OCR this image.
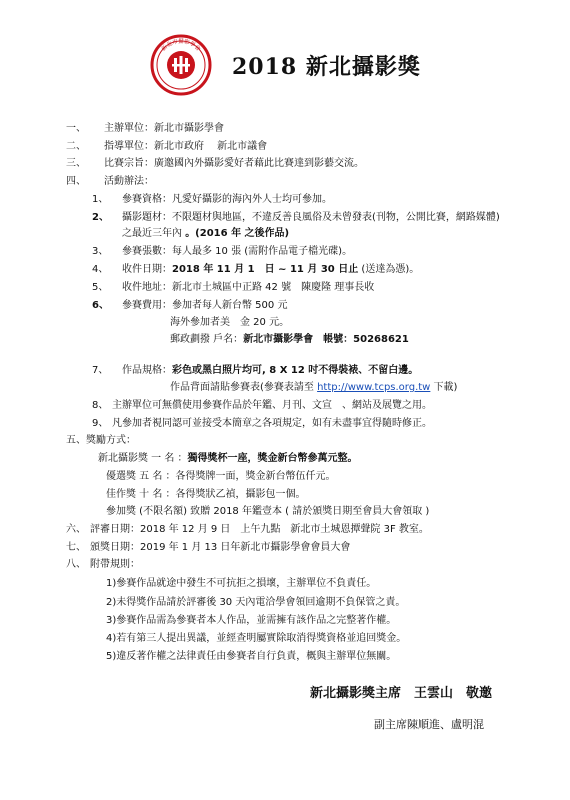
新北市攝影學會
2018 新北攝影獎
一、 主辦單位：新北市攝影學會
二、 指導單位：新北市政府　 新北市議會
三、 比賽宗旨：廣邀國內外攝影愛好者藉此比賽達到影藝交流。
四、 活動辦法：
1、 參賽資格：凡愛好攝影的海內外人士均可參加。
2、 攝影題材：不限題材與地區，不違反善良風俗及未曾發表(刊物，公開比賽，網路媒體)
之最近三年內 。(2016 年 之後作品)
3、 參賽張數：每人最多 10 張 (需附作品電子檔光碟)。
4、 收件日期：2018 年 11 月 1　日 ~ 11 月 30 日止 (送達為憑)。
5、 收件地址：新北市土城區中正路 42 號　陳慶隆 理事長收
6、 參賽費用：參加者每人新台幣 500 元
海外參加者美　金 20 元。
郵政劃撥 戶名：新北市攝影學會　帳號：50268621
7、 作品規格：彩色或黑白照片均可, 8 X 12 吋不得裝裱、不留白邊。
作品背面請貼參賽表(參賽表請至 http://www.tcps.org.tw 下載)
8、 主辦單位可無償使用參賽作品於年鑑、月刊、文宣　、網站及展覽之用。
9、 凡參加者視同認可並接受本簡章之各項規定，如有未盡事宜得隨時修正。
五、 獎勵方式：
新北攝影獎 一 名 ：獨得獎杯一座，獎金新台幣參萬元整。
優選獎 五 名 ：各得獎牌一面，獎金新台幣伍仟元。
佳作獎 十 名 ：各得獎狀乙禎，攝影包一個。
參加獎 (不限名額) 致贈 2018 年鑑壹本 ( 請於頒獎日期至會員大會領取 )
六、 評審日期：2018 年 12 月 9 日　上午九點　新北市土城恩撢聲院 3F 教室。
七、 頒獎日期：2019 年 1 月 13 日年新北市攝影學會會員大會
八、 附帶規則：
1)參賽作品就途中發生不可抗拒之損壞，主辦單位不負責任。
2)未得獎作品請於評審後 30 天內電洽學會領回逾期不負保管之責。
3)參賽作品需為參賽者本人作品，並需擁有該作品之完整著作權。
4)若有第三人提出異議，並經查明屬實除取消得獎資格並追回獎金。
5)違反著作權之法律責任由參賽者自行負責，概與主辦單位無關。
新北攝影獎主席　王雲山　敬邀
副主席陳順進、盧明混
